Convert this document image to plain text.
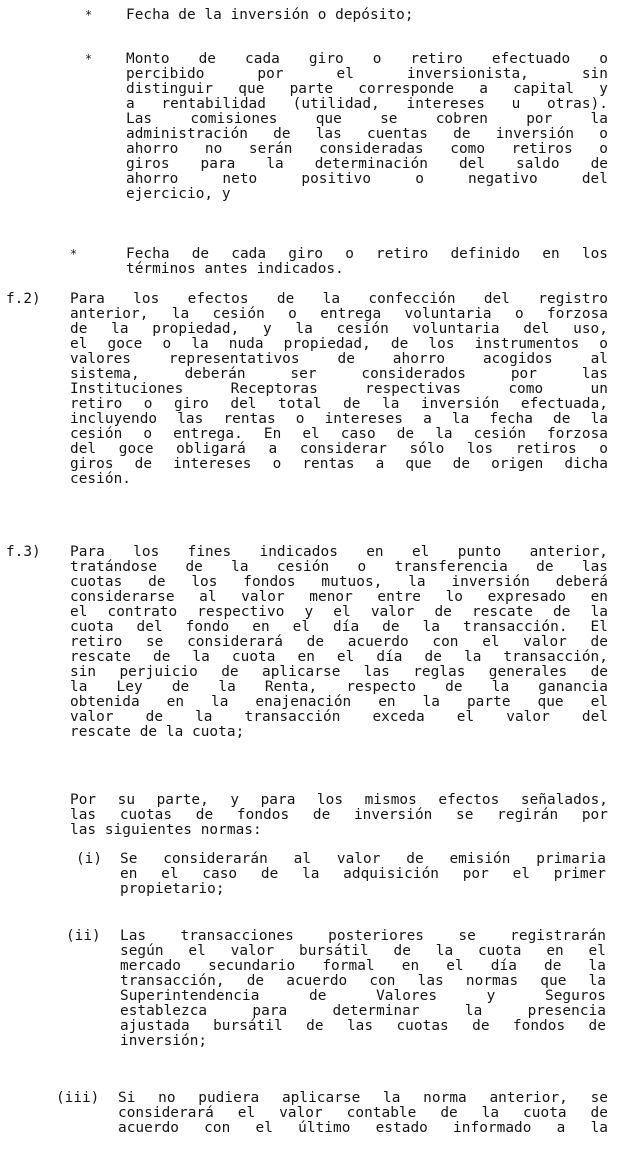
* Fecha de la inversión o depósito;
* Monto de cada giro o retiro efectuado o
percibido por el inversionista, sin
distinguir que parte corresponde a capital y
a rentabilidad (utilidad, intereses u otras).
Las comisiones que se cobren por la
administración de las cuentas de inversión o
ahorro no serán consideradas como retiros o
giros para la determinación del saldo de
ahorro neto positivo o negativo del
ejercicio, y
*	Fecha de cada giro o retiro definido en los
términos antes indicados.
f.2) Para los efectos de la confección del registro
anterior, la cesión o entrega voluntaria o forzosa
de la propiedad, y la cesión voluntaria del uso,
el goce o la nuda propiedad, de los instrumentos o
valores representativos de ahorro acogidos al
sistema, deberán ser considerados por las
Instituciones Receptoras respectivas como un
retiro o giro del total de la inversión efectuada,
incluyendo las rentas o intereses a la fecha de la
cesión o entrega. En el caso de la cesión forzosa
del goce obligará a considerar sólo los retiros o
giros de intereses o rentas a que de origen dicha
cesión.
f.3) Para los fines indicados en el punto anterior,
tratándose de la cesión o transferencia de las
cuotas de los fondos mutuos, la inversión deberá
considerarse al valor menor entre lo expresado en
el contrato respectivo y el valor de rescate de la
cuota del fondo en el día de la transacción. El
retiro se considerará de acuerdo con el valor de
rescate de la cuota en el día de la transacción,
sin perjuicio de aplicarse las reglas generales de
la Ley de la Renta, respecto de la ganancia
obtenida en la enajenación en la parte que el
valor de la transacción exceda el valor del
rescate de la cuota;
Por su parte, y para los mismos efectos señalados,
las cuotas de fondos de inversión se regirán por
las siguientes normas:
(i) Se considerarán al valor de emisión primaria
en el caso de la adquisición por el primer
propietario;
(ii) Las transacciones posteriores se registrarán
según el valor bursátil de la cuota en el
mercado secundario formal en el día de la
transacción, de acuerdo con las normas que la
Superintendencia de Valores y Seguros
establezca para determinar la presencia
ajustada bursátil de las cuotas de fondos de
inversión;
(iii) Si no pudiera aplicarse la norma anterior, se
considerará el valor contable de la cuota de
acuerdo con el último estado informado a la
